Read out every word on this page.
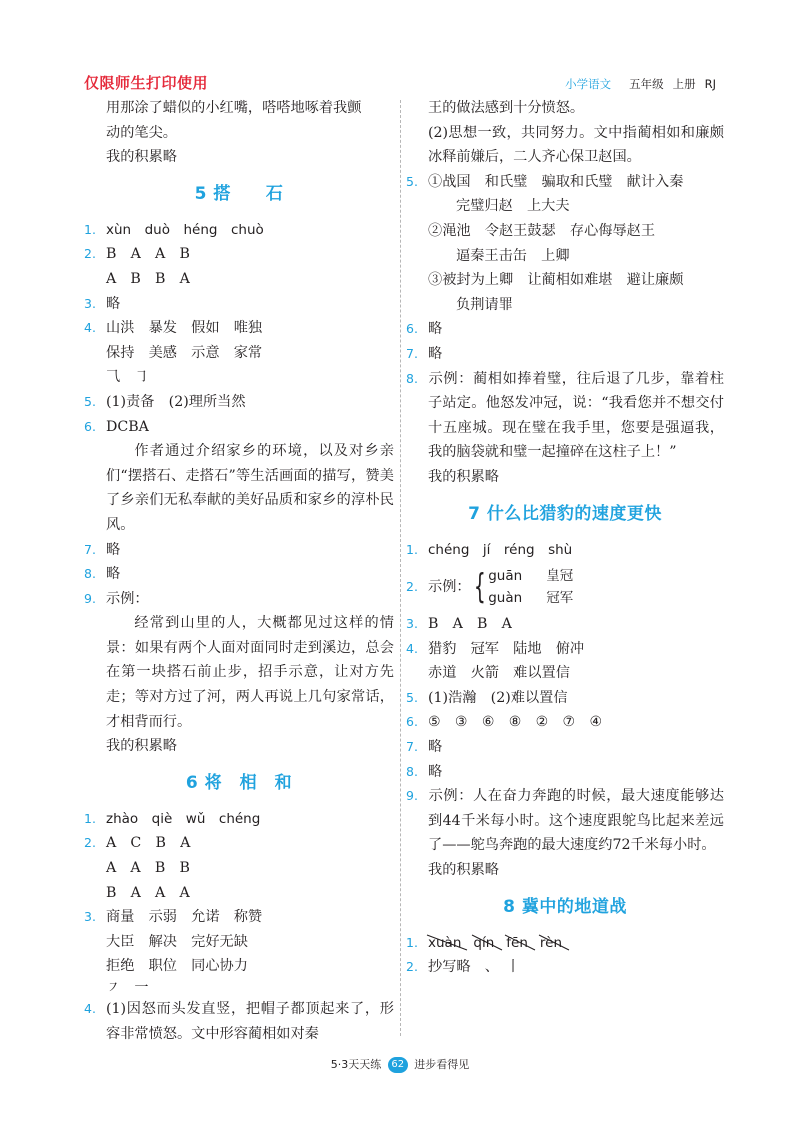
仅限师生打印使用	小学语文 五年级 上册 RJ
用那涂了蜡似的小红嘴，嗒嗒地啄着我颤
动的笔尖。
我的积累略
5 搭　　石
1. xùn　duò　héng　chuò
2. B　A　A　B
A　B　B　A
3. 略
4. 山洪　暴发　假如　唯独
保持　美感　示意　家常
⺄　㇆
5. (1)责备　(2)理所当然
6. DCBA
作者通过介绍家乡的环境，以及对乡亲们“摆搭石、走搭石”等生活画面的描写，赞美了乡亲们无私奉献的美好品质和家乡的淳朴民风。
7. 略
8. 略
9. 示例：
经常到山里的人，大概都见过这样的情景：如果有两个人面对面同时走到溪边，总会在第一块搭石前止步，招手示意，让对方先走；等对方过了河，两人再说上几句家常话，才相背而行。
我的积累略
6 将　相　和
1. zhào　qiè　wǔ　chéng
2. A　C　B　A
A　A　B　B
B　A　A　A
3. 商量　示弱　允诺　称赞
大臣　解决　完好无缺
拒绝　职位　同心协力
㇇　一
4. (1)因怒而头发直竖，把帽子都顶起来了，形容非常愤怒。文中形容蔺相如对秦
王的做法感到十分愤怒。
(2)思想一致，共同努力。文中指蔺相如和廉颇冰释前嫌后，二人齐心保卫赵国。
5. ①战国　和氏璧　骗取和氏璧　献计入秦
完璧归赵　上大夫
②渑池　令赵王鼓瑟　存心侮辱赵王
逼秦王击缶　上卿
③被封为上卿　让蔺相如难堪　避让廉颇
负荆请罪
6. 略
7. 略
8. 示例：蔺相如捧着璧，往后退了几步，靠着柱子站定。他怒发冲冠，说：“我看您并不想交付十五座城。现在璧在我手里，您要是强逼我，我的脑袋就和璧一起撞碎在这柱子上！”
我的积累略
7 什么比猎豹的速度更快
1. chéng　jí　réng　shù
2. 示例： { guān 皇冠
guàn 冠军
3. B　A　B　A
4. 猎豹　冠军　陆地　俯冲
赤道　火箭　难以置信
5. (1)浩瀚　(2)难以置信
6. ⑤　③　⑥　⑧　②　⑦　④
7. 略
8. 略
9. 示例：人在奋力奔跑的时候，最大速度能够达到44千米每小时。这个速度跟鸵鸟比起来差远了——鸵鸟奔跑的最大速度约72千米每小时。
我的积累略
8 冀中的地道战
1. xuàn qín fēn rèn
2. 抄写略　、　丨
5·3天天练 62 进步看得见
